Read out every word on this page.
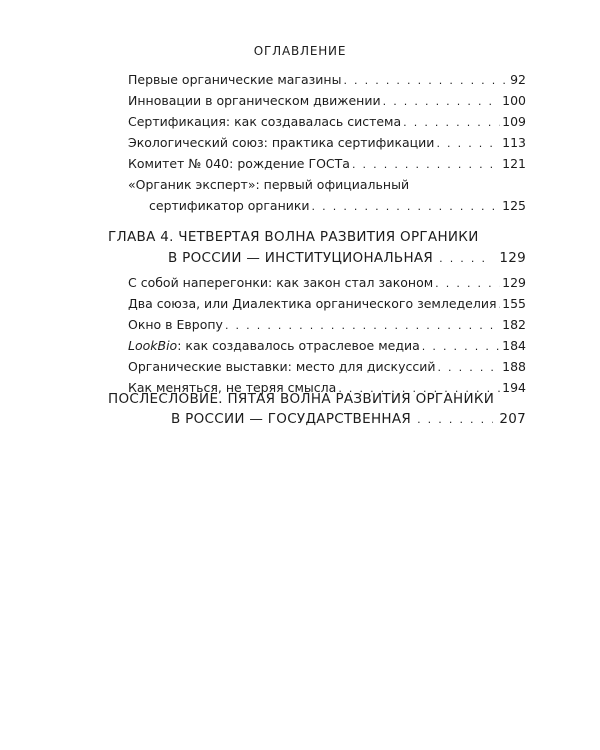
ОГЛАВЛЕНИЕ
Первые органические магазины . . .	92
Инновации в органическом движении . . .	100
Сертификация: как создавалась система . . .	109
Экологический союз: практика сертификации . . .	113
Комитет № 040: рождение ГОСТа . . .	121
«Органик эксперт»: первый официальный
сертификатор органики . . .	125
ГЛАВА 4. ЧЕТВЕРТАЯ ВОЛНА РАЗВИТИЯ ОРГАНИКИ
В РОССИИ — ИНСТИТУЦИОНАЛЬНАЯ . . .	129
С собой наперегонки: как закон стал законом . . .	129
Два союза, или Диалектика органического земледелия . . . 155
Окно в Европу . . .	182
LookBio: как создавалось отраслевое медиа . . .	184
Органические выставки: место для дискуссий . . .	188
Как меняться, не теряя смысла . . .	194
ПОСЛЕСЛОВИЕ. ПЯТАЯ ВОЛНА РАЗВИТИЯ ОРГАНИКИ
В РОССИИ — ГОСУДАРСТВЕННАЯ . . .	207
